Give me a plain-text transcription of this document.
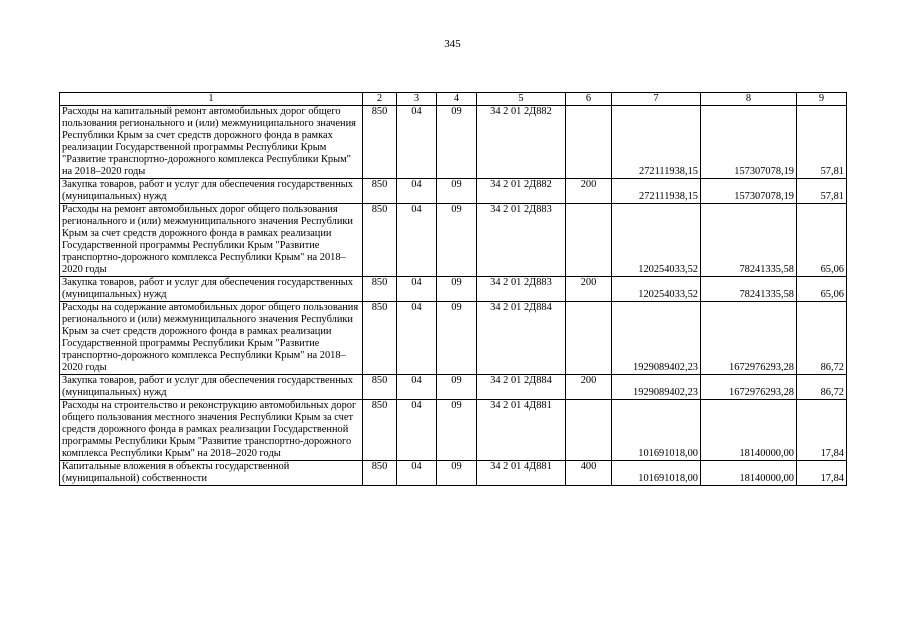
345
1	2	3	4	5	6	7	8	9
Расходы на капитальный ремонт автомобильных дорог общего пользования регионального и (или) межмуниципального значения Республики Крым за счет средств дорожного фонда в рамках реализации Государственной программы Республики Крым "Развитие транспортно-дорожного комплекса Республики Крым" на 2018–2020 годы	850	04	09	34 2 01 2Д882		272111938,15	157307078,19	57,81
Закупка товаров, работ и услуг для обеспечения государственных (муниципальных) нужд	850	04	09	34 2 01 2Д882	200	272111938,15	157307078,19	57,81
Расходы на ремонт автомобильных дорог общего пользования регионального и (или) межмуниципального значения Республики Крым за счет средств дорожного фонда в рамках реализации Государственной программы Республики Крым "Развитие транспортно-дорожного комплекса Республики Крым" на 2018–2020 годы	850	04	09	34 2 01 2Д883		120254033,52	78241335,58	65,06
Закупка товаров, работ и услуг для обеспечения государственных (муниципальных) нужд	850	04	09	34 2 01 2Д883	200	120254033,52	78241335,58	65,06
Расходы на содержание автомобильных дорог общего пользования регионального и (или) межмуниципального значения Республики Крым за счет средств дорожного фонда в рамках реализации Государственной программы Республики Крым "Развитие транспортно-дорожного комплекса Республики Крым" на 2018–2020 годы	850	04	09	34 2 01 2Д884		1929089402,23	1672976293,28	86,72
Закупка товаров, работ и услуг для обеспечения государственных (муниципальных) нужд	850	04	09	34 2 01 2Д884	200	1929089402,23	1672976293,28	86,72
Расходы на строительство и реконструкцию автомобильных дорог общего пользования местного значения Республики Крым за счет средств дорожного фонда в рамках реализации Государственной программы Республики Крым "Развитие транспортно-дорожного комплекса Республики Крым" на 2018–2020 годы	850	04	09	34 2 01 4Д881		101691018,00	18140000,00	17,84
Капитальные вложения в объекты государственной (муниципальной) собственности	850	04	09	34 2 01 4Д881	400	101691018,00	18140000,00	17,84
